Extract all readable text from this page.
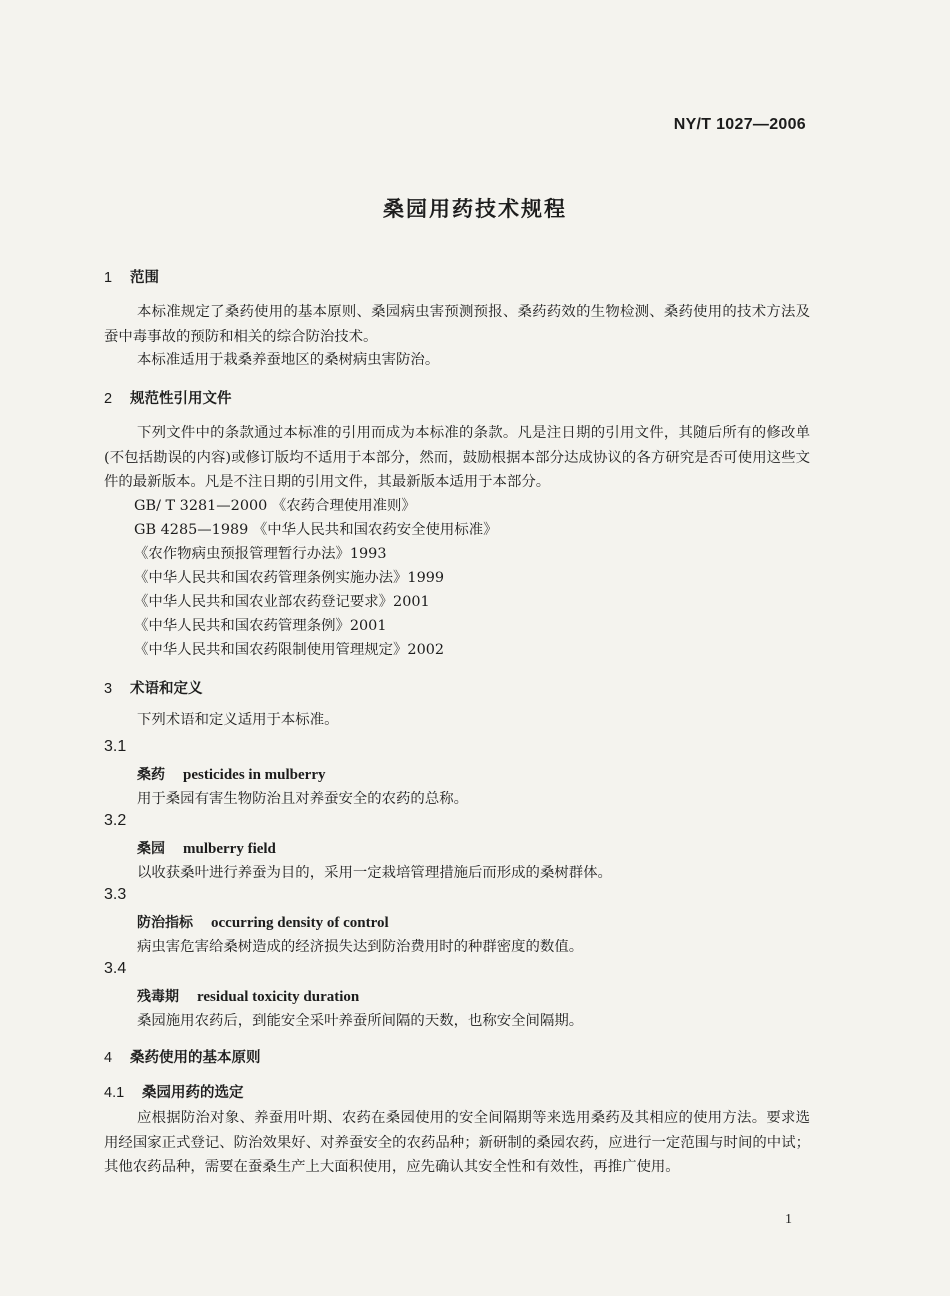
NY/T 1027—2006
桑园用药技术规程
1 范围
本标准规定了桑药使用的基本原则、桑园病虫害预测预报、桑药药效的生物检测、桑药使用的技术方法及蚕中毒事故的预防和相关的综合防治技术。
本标准适用于栽桑养蚕地区的桑树病虫害防治。
2 规范性引用文件
下列文件中的条款通过本标准的引用而成为本标准的条款。凡是注日期的引用文件，其随后所有的修改单(不包括勘误的内容)或修订版均不适用于本部分，然而，鼓励根据本部分达成协议的各方研究是否可使用这些文件的最新版本。凡是不注日期的引用文件，其最新版本适用于本部分。
GB/ T 3281—2000 《农药合理使用准则》
GB 4285—1989 《中华人民共和国农药安全使用标准》
《农作物病虫预报管理暂行办法》1993
《中华人民共和国农药管理条例实施办法》1999
《中华人民共和国农业部农药登记要求》2001
《中华人民共和国农药管理条例》2001
《中华人民共和国农药限制使用管理规定》2002
3 术语和定义
下列术语和定义适用于本标准。
3.1
桑药 pesticides in mulberry
用于桑园有害生物防治且对养蚕安全的农药的总称。
3.2
桑园 mulberry field
以收获桑叶进行养蚕为目的，采用一定栽培管理措施后而形成的桑树群体。
3.3
防治指标 occurring density of control
病虫害危害给桑树造成的经济损失达到防治费用时的种群密度的数值。
3.4
残毒期 residual toxicity duration
桑园施用农药后，到能安全采叶养蚕所间隔的天数，也称安全间隔期。
4 桑药使用的基本原则
4.1 桑园用药的选定
应根据防治对象、养蚕用叶期、农药在桑园使用的安全间隔期等来选用桑药及其相应的使用方法。要求选用经国家正式登记、防治效果好、对养蚕安全的农药品种；新研制的桑园农药，应进行一定范围与时间的中试；其他农药品种，需要在蚕桑生产上大面积使用，应先确认其安全性和有效性，再推广使用。
1
